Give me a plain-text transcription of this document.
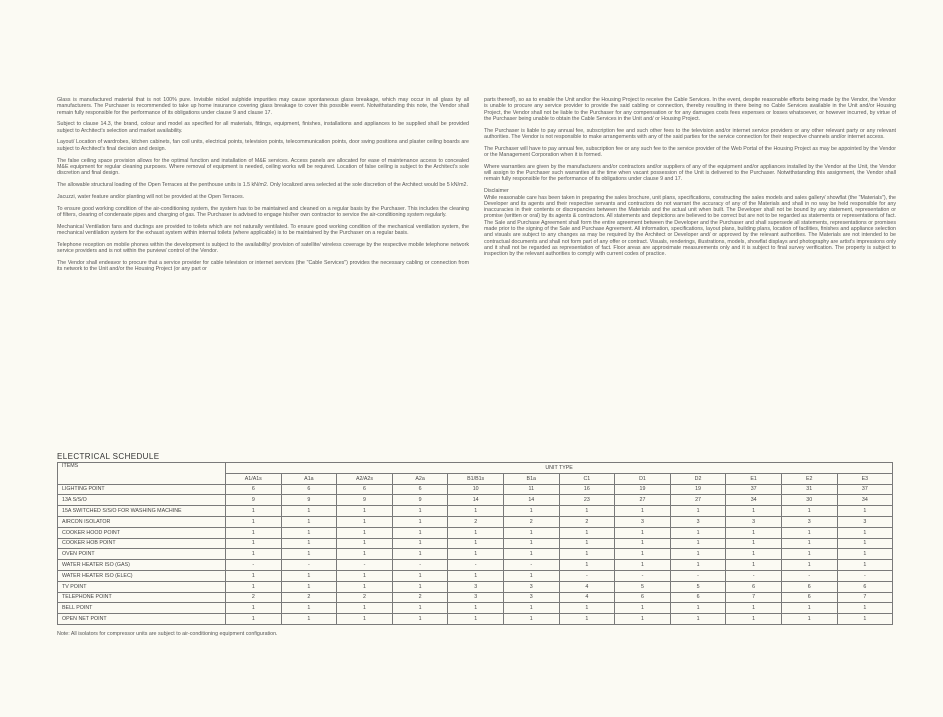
Glass is manufactured material that is not 100% pure. Invisible nickel sulphide impurities may cause spontaneous glass breakage, which may occur in all glass by all manufacturers. The Purchaser is recommended to take up home insurance covering glass breakage to cover this possible event. Notwithstanding this note, the Vendor shall remain fully responsible for the performance of its obligations under clause 9 and clause 17.

Subject to clause 14.3, the brand, colour and model as specified for all materials, fittings, equipment, finishes, installations and appliances to be supplied shall be provided subject to Architect's selection and market availability.

Layout/ Location of wardrobes, kitchen cabinets, fan coil units, electrical points, television points, telecommunication points, door swing positions and plaster ceiling boards are subject to Architect's final decision and design.

The false ceiling space provision allows for the optimal function and installation of M&E services. Access panels are allocated for ease of maintenance access to concealed M&E equipment for regular cleaning purposes. Where removal of equipment is needed, ceiling works will be required. Location of false ceiling is subject to the Architect's sole discretion and final design.

The allowable structural loading of the Open Terraces at the penthouse units is 1.5 kN/m2. Only localized area selected at the sole discretion of the Architect would be 5 kN/m2.

Jacuzzi, water feature and/or planting will not be provided at the Open Terraces.

To ensure good working condition of the air-conditioning system, the system has to be maintained and cleaned on a regular basis by the Purchaser. This includes the cleaning of filters, clearing of condensate pipes and charging of gas. The Purchaser is advised to engage his/her own contractor to service the air-conditioning system regularly.

Mechanical Ventilation fans and ductings are provided to toilets which are not naturally ventilated. To ensure good working condition of the mechanical ventilation system, the mechanical ventilation system for the exhaust system within internal toilets (where applicable) is to be maintained by the Purchaser on a regular basis.

Telephone reception on mobile phones within the development is subject to the availability/ provision of satellite/ wireless coverage by the respective mobile telephone network service providers and is not within the purview/ control of the Vendor.

The Vendor shall endeavor to procure that a service provider for cable television or internet services (the "Cable Services") provides the necessary cabling or connection from its network to the Unit and/or the Housing Project (or any part or

parts thereof), so as to enable the Unit and/or the Housing Project to receive the Cable Services. In the event, despite reasonable efforts being made by the Vendor, the Vendor is unable to procure any service provider to provide the said cabling or connection, thereby resulting in there being no Cable Services available in the Unit and/or Housing Project, the Vendor shall not be liable to the Purchaser for any compensation or for any damages costs fees expenses or losses whatsoever, or however incurred, by virtue of the Purchaser being unable to obtain the Cable Services in the Unit and/ or Housing Project.

The Purchaser is liable to pay annual fee, subscription fee and such other fees to the television and/or internet service providers or any other relevant party or any relevant authorities. The Vendor is not responsible to make arrangements with any of the said parties for the service connection for their respective channels and/or internet access.

The Purchaser will have to pay annual fee, subscription fee or any such fee to the service provider of the Web Portal of the Housing Project as may be appointed by the Vendor or the Management Corporation when it is formed.

Where warranties are given by the manufacturers and/or contractors and/or suppliers of any of the equipment and/or appliances installed by the Vendor at the Unit, the Vendor will assign to the Purchaser such warranties at the time when vacant possession of the Unit is delivered to the Purchaser. Notwithstanding this assignment, the Vendor shall remain fully responsible for the performance of its obligations under clause 9 and 17.

Disclaimer

While reasonable care has been taken in preparing the sales brochure, unit plans, specifications, constructing the sales models and sales gallery/ showflat (the "Materials"), the Developer and its agents and their respective servants and contractors do not warrant the accuracy of any of the Materials and shall in no way be held responsible for any inaccuracies in their contents or discrepancies between the Materials and the actual unit when built. The Developer shall not be bound by any statement, representation or promise (written or oral) by its agents & contractors. All statements and depictions are believed to be correct but are not to be regarded as statements or representations of fact. The Sale and Purchase Agreement shall form the entire agreement between the Developer and the Purchaser and shall supersede all statements, representations or promises made prior to the signing of the Sale and Purchase Agreement. All information, specifications, layout plans, building plans, location of facilities, finishes and appliance selection and visuals are subject to any changes as may be required by the Architect or Developer and/ or approved by the relevant authorities. The Materials are not intended to be contractual documents and shall not form part of any offer or contract. Visuals, renderings, illustrations, models, showflat displays and photography are artist's impressions only and it shall not be regarded as representation of fact. Floor areas are approximate measurements only and it is subject to final survey verification. The property is subject to inspection by the relevant authorities to comply with current codes of practice.

ELECTRICAL SCHEDULE
ITEMS	UNIT TYPE											
	A1/A1s	A1a	A2/A2s	A2a	B1/B1s	B1a	C1	D1	D2	E1	E2	E3
LIGHTING POINT	6	6	6	6	10	11	16	19	19	37	31	37
13A S/S/O	9	9	9	9	14	14	23	27	27	34	30	34
15A SWITCHED S/S/O FOR WASHING MACHINE	1	1	1	1	1	1	1	1	1	1	1	1
AIRCON ISOLATOR	1	1	1	1	2	2	2	3	3	3	3	3
COOKER HOOD POINT	1	1	1	1	1	1	1	1	1	1	1	1
COOKER HOB POINT	1	1	1	1	1	1	1	1	1	1	1	1
OVEN POINT	1	1	1	1	1	1	1	1	1	1	1	1
WATER HEATER ISO (GAS)	-	-	-	-	-	-	1	1	1	1	1	1
WATER HEATER ISO (ELEC)	1	1	1	1	1	1	-	-	-	-	-	-
TV POINT	1	1	1	1	3	3	4	5	5	6	6	6
TELEPHONE POINT	2	2	2	2	3	3	4	6	6	7	6	7
BELL POINT	1	1	1	1	1	1	1	1	1	1	1	1
OPEN NET POINT	1	1	1	1	1	1	1	1	1	1	1	1

Note: All isolators for compressor units are subject to air-conditioning equipment configuration.
